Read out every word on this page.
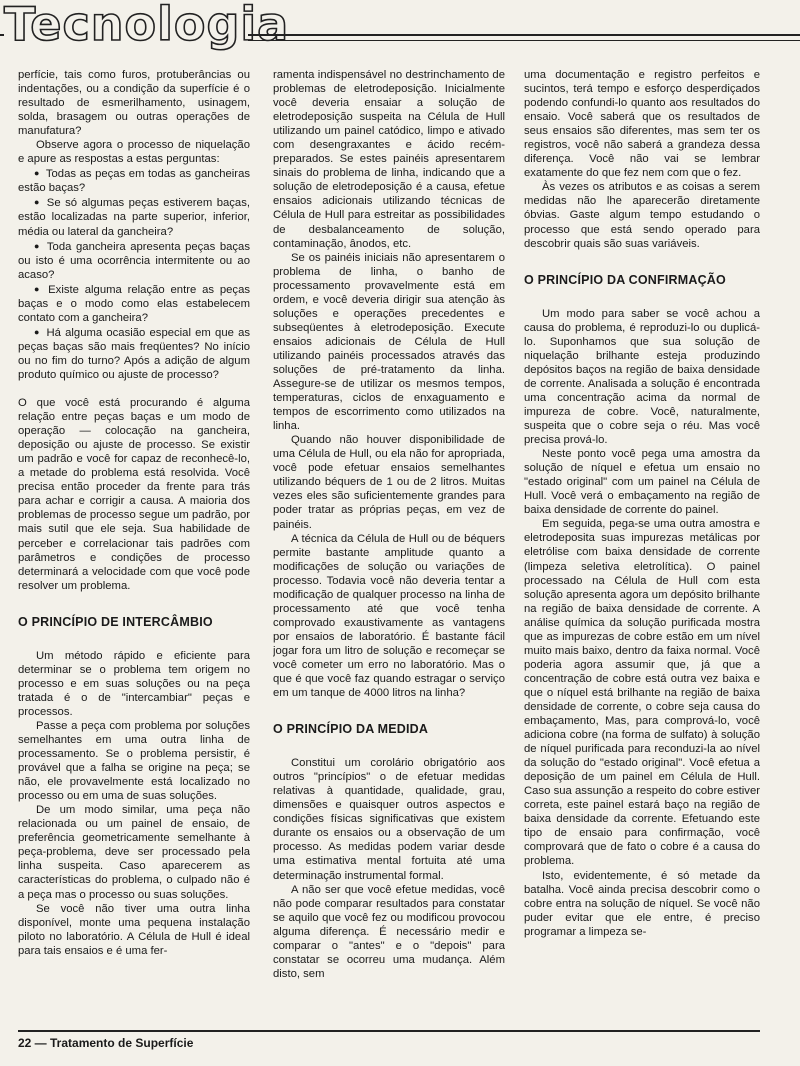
Tecnologia

perfície, tais como furos, protuberâncias ou indentações, ou a condição da superfície é o resultado de esmerilhamento, usinagem, solda, brasagem ou outras operações de manufatura?

Observe agora o processo de niquelação e apure as respostas a estas perguntas:

● Todas as peças em todas as gancheiras estão baças?

● Se só algumas peças estiverem baças, estão localizadas na parte superior, inferior, média ou lateral da gancheira?

● Toda gancheira apresenta peças baças ou isto é uma ocorrência intermitente ou ao acaso?

● Existe alguma relação entre as peças baças e o modo como elas estabelecem contato com a gancheira?

● Há alguma ocasião especial em que as peças baças são mais freqüentes? No início ou no fim do turno? Após a adição de algum produto químico ou ajuste de processo?

O que você está procurando é alguma relação entre peças baças e um modo de operação — colocação na gancheira, deposição ou ajuste de processo. Se existir um padrão e você for capaz de reconhecê-lo, a metade do problema está resolvida. Você precisa então proceder da frente para trás para achar e corrigir a causa. A maioria dos problemas de processo segue um padrão, por mais sutil que ele seja. Sua habilidade de perceber e correlacionar tais padrões com parâmetros e condições de processo determinará a velocidade com que você pode resolver um problema.

O PRINCÍPIO DE INTERCÂMBIO

Um método rápido e eficiente para determinar se o problema tem origem no processo e em suas soluções ou na peça tratada é o de "intercambiar" peças e processos.

Passe a peça com problema por soluções semelhantes em uma outra linha de processamento. Se o problema persistir, é provável que a falha se origine na peça; se não, ele provavelmente está localizado no processo ou em uma de suas soluções.

De um modo similar, uma peça não relacionada ou um painel de ensaio, de preferência geometricamente semelhante à peça-problema, deve ser processado pela linha suspeita. Caso aparecerem as características do problema, o culpado não é a peça mas o processo ou suas soluções.

Se você não tiver uma outra linha disponível, monte uma pequena instalação piloto no laboratório. A Célula de Hull é ideal para tais ensaios e é uma fer-

ramenta indispensável no destrinchamento de problemas de eletrodeposição. Inicialmente você deveria ensaiar a solução de eletrodeposição suspeita na Célula de Hull utilizando um painel catódico, limpo e ativado com desengraxantes e ácido recém-preparados. Se estes painéis apresentarem sinais do problema de linha, indicando que a solução de eletrodeposição é a causa, efetue ensaios adicionais utilizando técnicas de Célula de Hull para estreitar as possibilidades de desbalanceamento de solução, contaminação, ânodos, etc.

Se os painéis iniciais não apresentarem o problema de linha, o banho de processamento provavelmente está em ordem, e você deveria dirigir sua atenção às soluções e operações precedentes e subseqüentes à eletrodeposição. Execute ensaios adicionais de Célula de Hull utilizando painéis processados através das soluções de pré-tratamento da linha. Assegure-se de utilizar os mesmos tempos, temperaturas, ciclos de enxaguamento e tempos de escorrimento como utilizados na linha.

Quando não houver disponibilidade de uma Célula de Hull, ou ela não for apropriada, você pode efetuar ensaios semelhantes utilizando béquers de 1 ou de 2 litros. Muitas vezes eles são suficientemente grandes para poder tratar as próprias peças, em vez de painéis.

A técnica da Célula de Hull ou de béquers permite bastante amplitude quanto a modificações de solução ou variações de processo. Todavia você não deveria tentar a modificação de qualquer processo na linha de processamento até que você tenha comprovado exaustivamente as vantagens por ensaios de laboratório. É bastante fácil jogar fora um litro de solução e recomeçar se você cometer um erro no laboratório. Mas o que é que você faz quando estragar o serviço em um tanque de 4000 litros na linha?

O PRINCÍPIO DA MEDIDA

Constitui um corolário obrigatório aos outros "princípios" o de efetuar medidas relativas à quantidade, qualidade, grau, dimensões e quaisquer outros aspectos e condições físicas significativas que existem durante os ensaios ou a observação de um processo. As medidas podem variar desde uma estimativa mental fortuita até uma determinação instrumental formal.

A não ser que você efetue medidas, você não pode comparar resultados para constatar se aquilo que você fez ou modificou provocou alguma diferença. É necessário medir e comparar o "antes" e o "depois" para constatar se ocorreu uma mudança. Além disto, sem

uma documentação e registro perfeitos e sucintos, terá tempo e esforço desperdiçados podendo confundi-lo quanto aos resultados do ensaio. Você saberá que os resultados de seus ensaios são diferentes, mas sem ter os registros, você não saberá a grandeza dessa diferença. Você não vai se lembrar exatamente do que fez nem com que o fez.

Às vezes os atributos e as coisas a serem medidas não lhe aparecerão diretamente óbvias. Gaste algum tempo estudando o processo que está sendo operado para descobrir quais são suas variáveis.

O PRINCÍPIO DA CONFIRMAÇÃO

Um modo para saber se você achou a causa do problema, é reproduzi-lo ou duplicá-lo. Suponhamos que sua solução de niquelação brilhante esteja produzindo depósitos baços na região de baixa densidade de corrente. Analisada a solução é encontrada uma concentração acima da normal de impureza de cobre. Você, naturalmente, suspeita que o cobre seja o réu. Mas você precisa prová-lo.

Neste ponto você pega uma amostra da solução de níquel e efetua um ensaio no "estado original" com um painel na Célula de Hull. Você verá o embaçamento na região de baixa densidade de corrente do painel.

Em seguida, pega-se uma outra amostra e eletrodeposita suas impurezas metálicas por eletrólise com baixa densidade de corrente (limpeza seletiva eletrolítica). O painel processado na Célula de Hull com esta solução apresenta agora um depósito brilhante na região de baixa densidade de corrente. A análise química da solução purificada mostra que as impurezas de cobre estão em um nível muito mais baixo, dentro da faixa normal. Você poderia agora assumir que, já que a concentração de cobre está outra vez baixa e que o níquel está brilhante na região de baixa densidade de corrente, o cobre seja causa do embaçamento, Mas, para comprová-lo, você adiciona cobre (na forma de sulfato) à solução de níquel purificada para reconduzi-la ao nível da solução do "estado original". Você efetua a deposição de um painel em Célula de Hull. Caso sua assunção a respeito do cobre estiver correta, este painel estará baço na região de baixa densidade da corrente. Efetuando este tipo de ensaio para confirmação, você comprovará que de fato o cobre é a causa do problema.

Isto, evidentemente, é só metade da batalha. Você ainda precisa descobrir como o cobre entra na solução de níquel. Se você não puder evitar que ele entre, é preciso programar a limpeza se-

22 — Tratamento de Superfície
